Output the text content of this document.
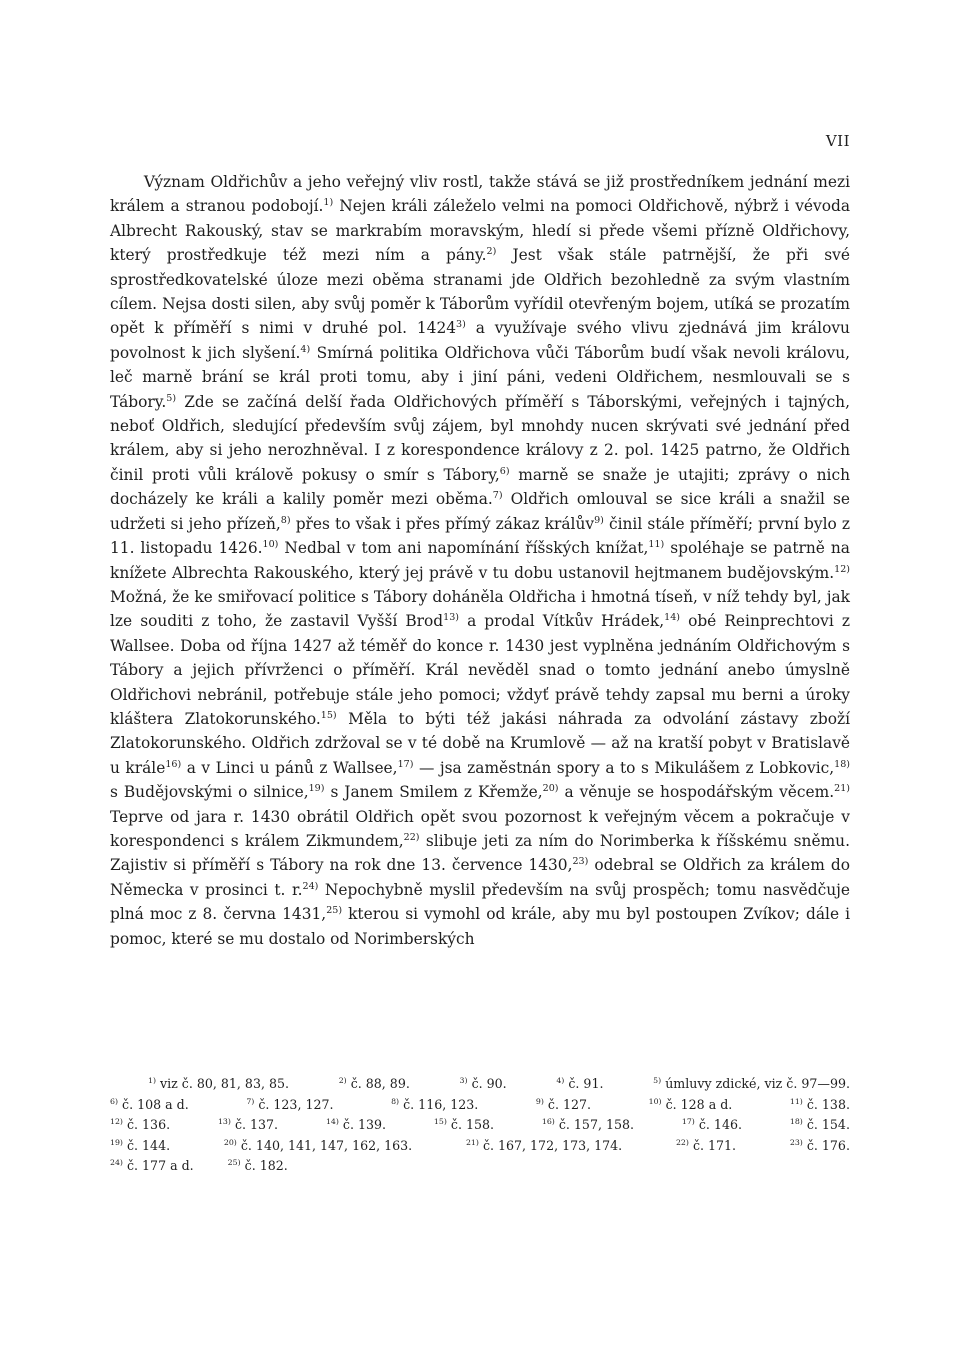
VII

Význam Oldřichův a jeho veřejný vliv rostl, takže stává se již prostředníkem jednání mezi králem a stranou podobojí.$^{1)}$ Nejen králi záleželo velmi na pomoci Oldřichově, nýbrž i vévoda Albrecht Rakouský, stav se markrabím moravským, hledí si přede všemi přízně Oldřichovy, který prostředkuje též mezi ním a pány.$^{2)}$ Jest však stále patrnější, že při své sprostředkovatelské úloze mezi oběma stranami jde Oldřich bezohledně za svým vlastním cílem. Nejsa dosti silen, aby svůj poměr k Táborům vyřídil otevřeným bojem, utíká se prozatím opět k příměří s nimi v druhé pol. 1424$^{3)}$ a využívaje svého vlivu zjednává jim královu povolnost k jich slyšení.$^{4)}$ Smírná politika Oldřichova vůči Táborům budí však nevoli královu, leč marně brání se král proti tomu, aby i jiní páni, vedeni Oldřichem, nesmlouvali se s Tábory.$^{5)}$ Zde se začíná delší řada Oldřichových příměří s Táborskými, veřejných i tajných, neboť Oldřich, sledující především svůj zájem, byl mnohdy nucen skrývati své jednání před králem, aby si jeho nerozhněval. I z korespondence královy z 2. pol. 1425 patrno, že Oldřich činil proti vůli královĕ pokusy o smír s Tábory,$^{6)}$ marně se snaže je utajiti; zprávy o nich docházely ke králi a kalily poměr mezi oběma.$^{7)}$ Oldřich omlouval se sice králi a snažil se udržeti si jeho přízeň,$^{8)}$ přes to však i přes přímý zákaz králův$^{9)}$ činil stále příměří; první bylo z 11. listopadu 1426.$^{10)}$ Nedbal v tom ani napomínání říšských knížat,$^{11)}$ spoléhaje se patrně na knížete Albrechta Rakouského, který jej právě v tu dobu ustanovil hejtmanem budějovským.$^{12)}$ Možná, že ke smiřovací politice s Tábory doháněla Oldřicha i hmotná tíseň, v níž tehdy byl, jak lze souditi z toho, že zastavil Vyšší Brod$^{13)}$ a prodal Vítkův Hrádek,$^{14)}$ obé Reinprechtovi z Wallsee. Doba od října 1427 až téměř do konce r. 1430 jest vyplněna jednáním Oldřichovým s Tábory a jejich přívrženci o příměří. Král nevěděl snad o tomto jednání anebo úmyslně Oldřichovi nebránil, potřebuje stále jeho pomoci; vždyť právě tehdy zapsal mu berni a úroky kláštera Zlatokorunského.$^{15)}$ Měla to býti též jakási náhrada za odvolání zástavy zboží Zlatokorunského. Oldřich zdržoval se v té době na Krumlově — až na kratší pobyt v Bratislavě u krále$^{16)}$ a v Linci u pánů z Wallsee,$^{17)}$ — jsa zaměstnán spory a to s Mikulášem z Lobkovic,$^{18)}$ s Budějovskými o silnice,$^{19)}$ s Janem Smilem z Křemže,$^{20)}$ a věnuje se hospodářským věcem.$^{21)}$ Teprve od jara r. 1430 obrátil Oldřich opět svou pozornost k veřejným věcem a pokračuje v korespondenci s králem Zikmundem,$^{22)}$ slibuje jeti za ním do Norimberka k říšskému sněmu. Zajistiv si příměří s Tábory na rok dne 13. července 1430,$^{23)}$ odebral se Oldřich za králem do Německa v prosinci t. r.$^{24)}$ Nepochybně myslil především na svůj prospěch; tomu nasvědčuje plná moc z 8. června 1431,$^{25)}$ kterou si vymohl od krále, aby mu byl postoupen Zvíkov; dále i pomoc, které se mu dostalo od Norimberských

$^{1)}$ viz č. 80, 81, 83, 85.	$^{2)}$ č. 88, 89.	$^{3)}$ č. 90.	$^{4)}$ č. 91.	$^{5)}$ úmluvy zdické, viz č. 97—99.
$^{6)}$ č. 108 a d.	$^{7)}$ č. 123, 127.	$^{8)}$ č. 116, 123.	$^{9)}$ č. 127.	$^{10)}$ č. 128 a d.	$^{11)}$ č. 138.
$^{12)}$ č. 136.	$^{13)}$ č. 137.	$^{14)}$ č. 139.	$^{15)}$ č. 158.	$^{16)}$ č. 157, 158.	$^{17)}$ č. 146.	$^{18)}$ č. 154.
$^{19)}$ č. 144.	$^{20)}$ č. 140, 141, 147, 162, 163.	$^{21)}$ č. 167, 172, 173, 174.	$^{22)}$ č. 171.	$^{23)}$ č. 176.
$^{24)}$ č. 177 a d.	$^{25)}$ č. 182.
